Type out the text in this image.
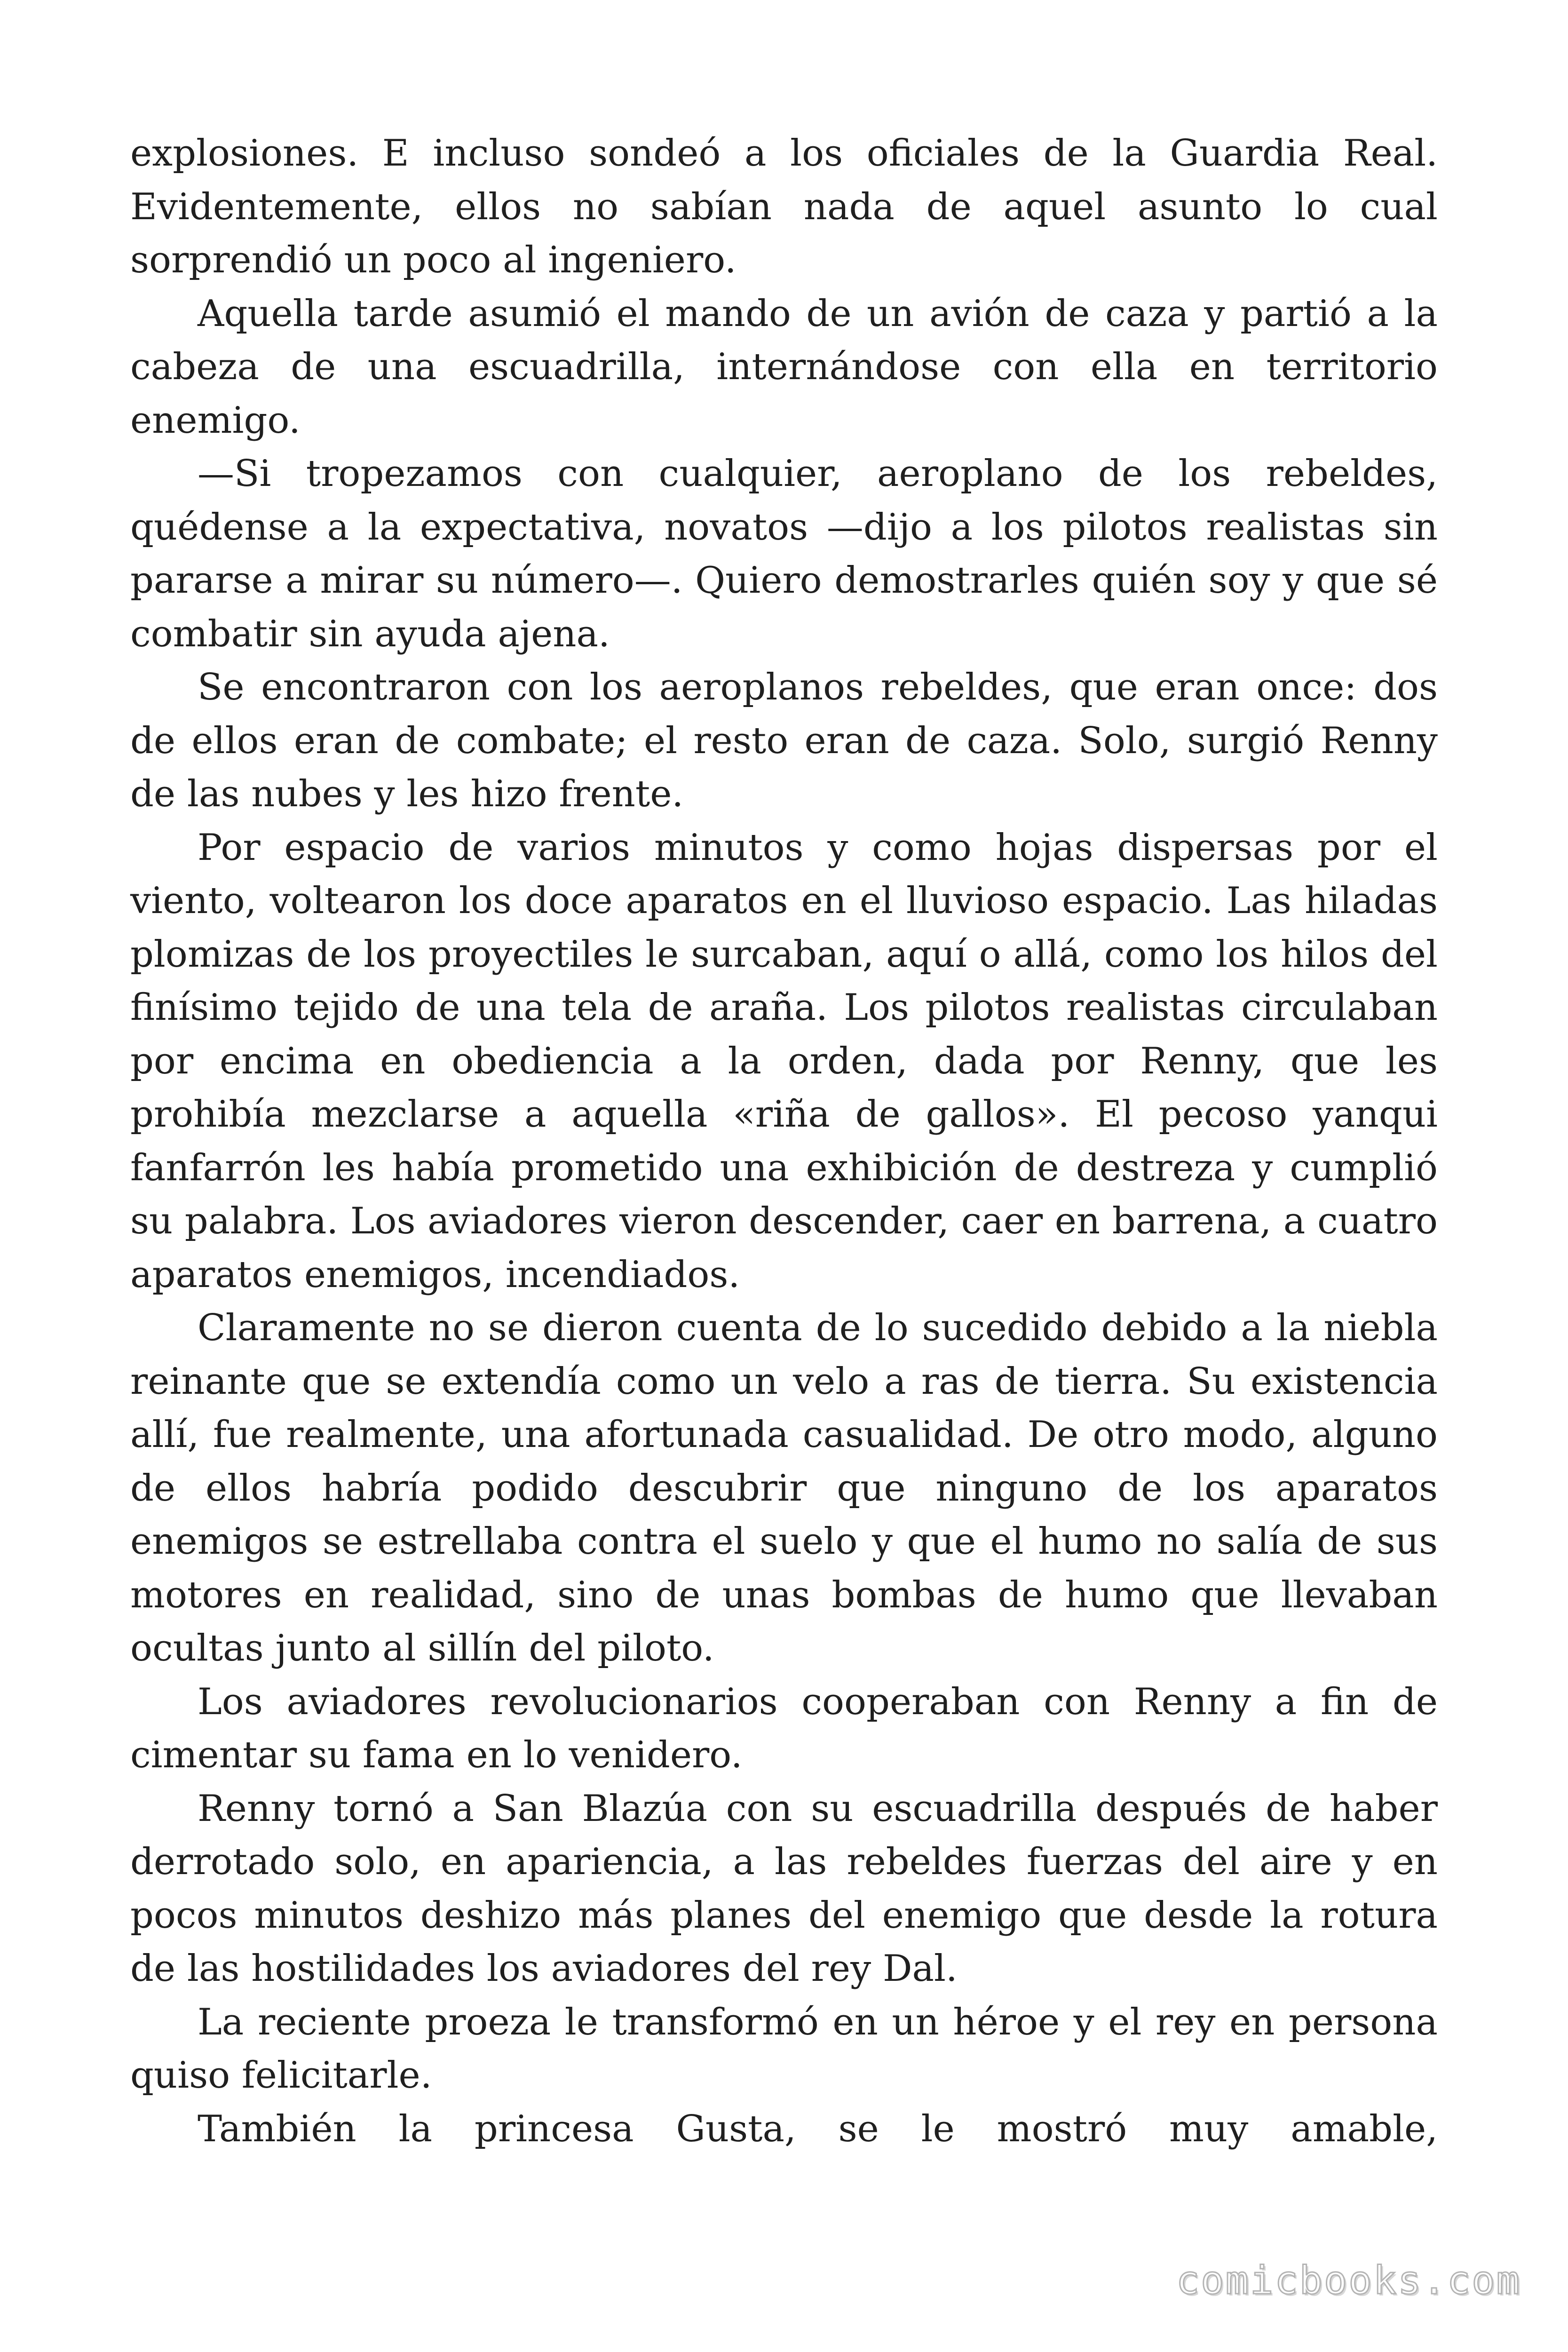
explosiones. E incluso sondeó a los oficiales de la Guardia Real. Evidentemente, ellos no sabían nada de aquel asunto lo cual sorprendió un poco al ingeniero.

Aquella tarde asumió el mando de un avión de caza y partió a la cabeza de una escuadrilla, internándose con ella en territorio enemigo.

—Si tropezamos con cualquier, aeroplano de los rebeldes, quédense a la expectativa, novatos —dijo a los pilotos realistas sin pararse a mirar su número—. Quiero demostrarles quién soy y que sé combatir sin ayuda ajena.

Se encontraron con los aeroplanos rebeldes, que eran once: dos de ellos eran de combate; el resto eran de caza. Solo, surgió Renny de las nubes y les hizo frente.

Por espacio de varios minutos y como hojas dispersas por el viento, voltearon los doce aparatos en el lluvioso espacio. Las hiladas plomizas de los proyectiles le surcaban, aquí o allá, como los hilos del finísimo tejido de una tela de araña. Los pilotos realistas circulaban por encima en obediencia a la orden, dada por Renny, que les prohibía mezclarse a aquella «riña de gallos». El pecoso yanqui fanfarrón les había prometido una exhibición de destreza y cumplió su palabra. Los aviadores vieron descender, caer en barrena, a cuatro aparatos enemigos, incendiados.

Claramente no se dieron cuenta de lo sucedido debido a la niebla reinante que se extendía como un velo a ras de tierra. Su existencia allí, fue realmente, una afortunada casualidad. De otro modo, alguno de ellos habría podido descubrir que ninguno de los aparatos enemigos se estrellaba contra el suelo y que el humo no salía de sus motores en realidad, sino de unas bombas de humo que llevaban ocultas junto al sillín del piloto.

Los aviadores revolucionarios cooperaban con Renny a fin de cimentar su fama en lo venidero.

Renny tornó a San Blazúa con su escuadrilla después de haber derrotado solo, en apariencia, a las rebeldes fuerzas del aire y en pocos minutos deshizo más planes del enemigo que desde la rotura de las hostilidades los aviadores del rey Dal.

La reciente proeza le transformó en un héroe y el rey en persona quiso felicitarle.

También la princesa Gusta, se le mostró muy amable,

comicbooks.com
